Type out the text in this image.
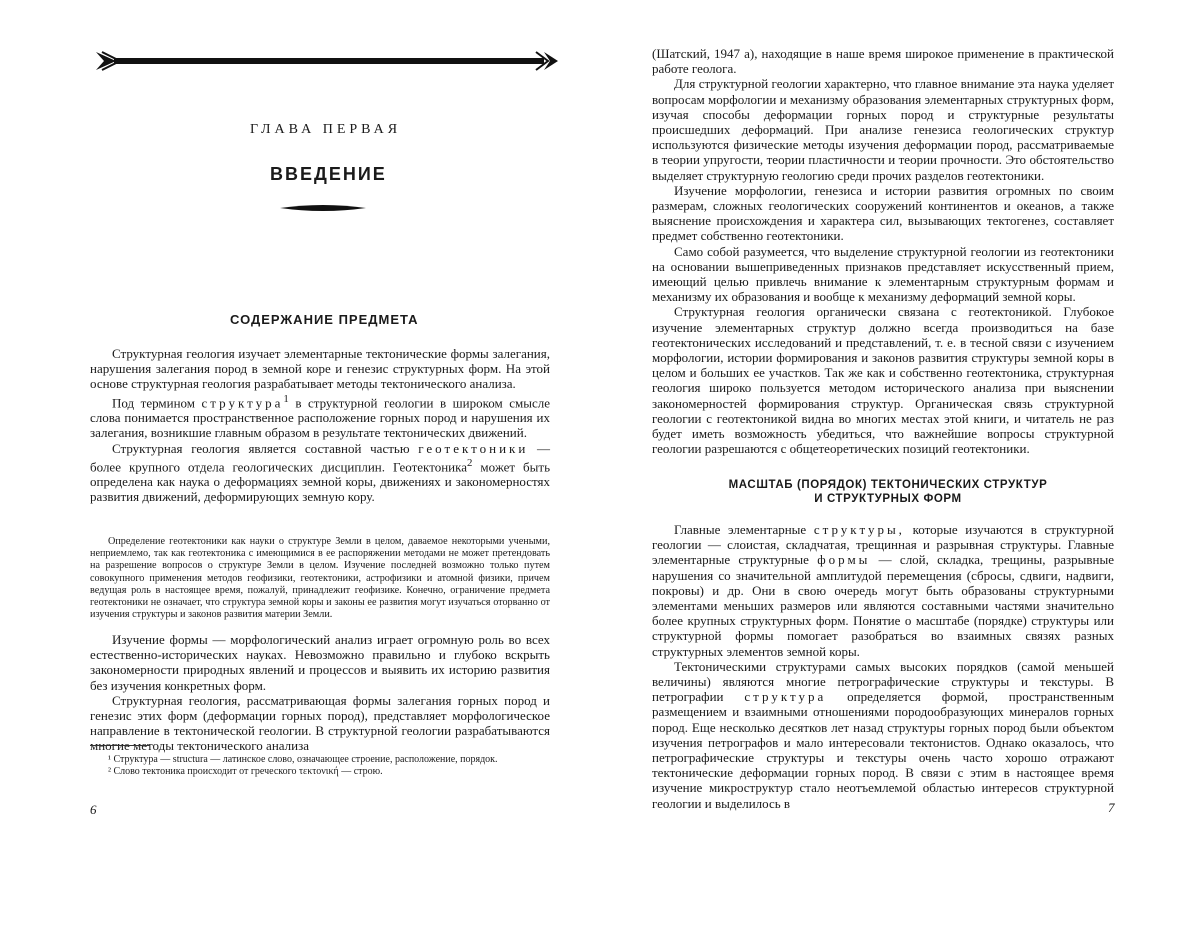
ГЛАВА ПЕРВАЯ
ВВЕДЕНИЕ
СОДЕРЖАНИЕ ПРЕДМЕТА

Структурная геология изучает элементарные тектонические формы залегания, нарушения залегания пород в земной коре и генезис структурных форм. На этой основе структурная геология разрабатывает методы тектонического анализа.

Под термином структура$^1$ в структурной геологии в широком смысле слова понимается пространственное расположение горных пород и нарушения их залегания, возникшие главным образом в результате тектонических движений.

Структурная геология является составной частью геотектоники — более крупного отдела геологических дисциплин. Геотектоника$^2$ может быть определена как наука о деформациях земной коры, движениях и закономерностях развития движений, деформирующих земную кору.

Определение геотектоники как науки о структуре Земли в целом, даваемое некоторыми учеными, неприемлемо, так как геотектоника с имеющимися в ее распоряжении методами не может претендовать на разрешение вопросов о структуре Земли в целом. Изучение последней возможно только путем совокупного применения методов геофизики, геотектоники, астрофизики и атомной физики, причем ведущая роль в настоящее время, пожалуй, принадлежит геофизике. Конечно, ограничение предмета геотектоники не означает, что структура земной коры и законы ее развития могут изучаться оторванно от изучения структуры и законов развития материи Земли.

Изучение формы — морфологический анализ играет огромную роль во всех естественно-исторических науках. Невозможно правильно и глубоко вскрыть закономерности природных явлений и процессов и выявить их историю развития без изучения конкретных форм.

Структурная геология, рассматривающая формы залегания горных пород и генезис этих форм (деформации горных пород), представляет морфологическое направление в тектонической геологии. В структурной геологии разрабатываются многие методы тектонического анализа

¹ Структура — structura — латинское слово, означающее строение, расположение, порядок.

² Слово тектоника происходит от греческого τεκτονική — строю.

6

(Шатский, 1947 а), находящие в наше время широкое применение в практической работе геолога.

Для структурной геологии характерно, что главное внимание эта наука уделяет вопросам морфологии и механизму образования элементарных структурных форм, изучая способы деформации горных пород и структурные результаты происшедших деформаций. При анализе генезиса геологических структур используются физические методы изучения деформации пород, рассматриваемые в теории упругости, теории пластичности и теории прочности. Это обстоятельство выделяет структурную геологию среди прочих разделов геотектоники.

Изучение морфологии, генезиса и истории развития огромных по своим размерам, сложных геологических сооружений континентов и океанов, а также выяснение происхождения и характера сил, вызывающих тектогенез, составляет предмет собственно геотектоники.

Само собой разумеется, что выделение структурной геологии из геотектоники на основании вышеприведенных признаков представляет искусственный прием, имеющий целью привлечь внимание к элементарным структурным формам и механизму их образования и вообще к механизму деформаций земной коры.

Структурная геология органически связана с геотектоникой. Глубокое изучение элементарных структур должно всегда производиться на базе геотектонических исследований и представлений, т. е. в тесной связи с изучением морфологии, истории формирования и законов развития структуры земной коры в целом и больших ее участков. Так же как и собственно геотектоника, структурная геология широко пользуется методом исторического анализа при выяснении закономерностей формирования структур. Органическая связь структурной геологии с геотектоникой видна во многих местах этой книги, и читатель не раз будет иметь возможность убедиться, что важнейшие вопросы структурной геологии разрешаются с общетеоретических позиций геотектоники.

МАСШТАБ (ПОРЯДОК) ТЕКТОНИЧЕСКИХ СТРУКТУР
И СТРУКТУРНЫХ ФОРМ

Главные элементарные структуры, которые изучаются в структурной геологии — слоистая, складчатая, трещинная и разрывная структуры. Главные элементарные структурные формы — слой, складка, трещины, разрывные нарушения со значительной амплитудой перемещения (сбросы, сдвиги, надвиги, покровы) и др. Они в свою очередь могут быть образованы структурными элементами меньших размеров или являются составными частями значительно более крупных структурных форм. Понятие о масштабе (порядке) структуры или структурной формы помогает разобраться во взаимных связях разных структурных элементов земной коры.

Тектоническими структурами самых высоких порядков (самой меньшей величины) являются многие петрографические структуры и текстуры. В петрографии структура определяется формой, пространственным размещением и взаимными отношениями породообразующих минералов горных пород. Еще несколько десятков лет назад структуры горных пород были объектом изучения петрографов и мало интересовали тектонистов. Однако оказалось, что петрографические структуры и текстуры очень часто хорошо отражают тектонические деформации горных пород. В связи с этим в настоящее время изучение микроструктур стало неотъемлемой областью интересов структурной геологии и выделилось в	7
